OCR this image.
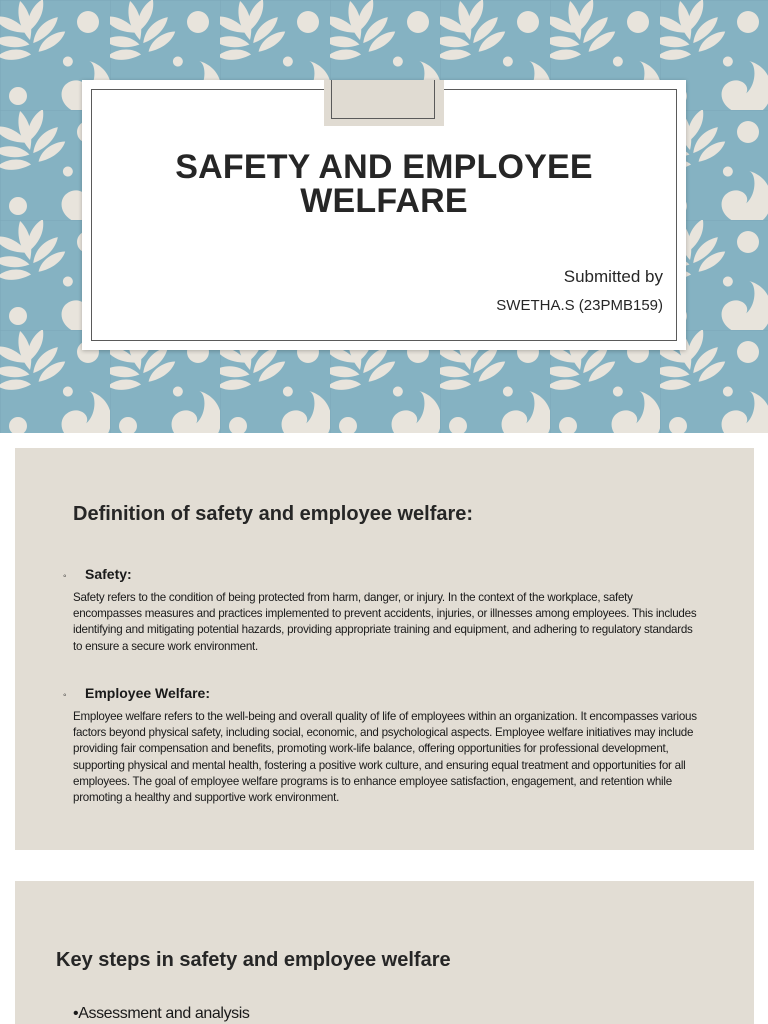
SAFETY AND EMPLOYEE WELFARE

Submitted by

SWETHA.S (23PMB159)

Definition of safety and employee welfare:
◦	Safety:

Safety refers to the condition of being protected from harm, danger, or injury. In the context of the workplace, safety encompasses measures and practices implemented to prevent accidents, injuries, or illnesses among employees. This includes identifying and mitigating potential hazards, providing appropriate training and equipment, and adhering to regulatory standards to ensure a secure work environment.

◦	Employee Welfare:

Employee welfare refers to the well-being and overall quality of life of employees within an organization. It encompasses various factors beyond physical safety, including social, economic, and psychological aspects. Employee welfare initiatives may include providing fair compensation and benefits, promoting work-life balance, offering opportunities for professional development, supporting physical and mental health, fostering a positive work culture, and ensuring equal treatment and opportunities for all employees. The goal of employee welfare programs is to enhance employee satisfaction, engagement, and retention while promoting a healthy and supportive work environment.

Key steps in safety and employee welfare

•Assessment and analysis
